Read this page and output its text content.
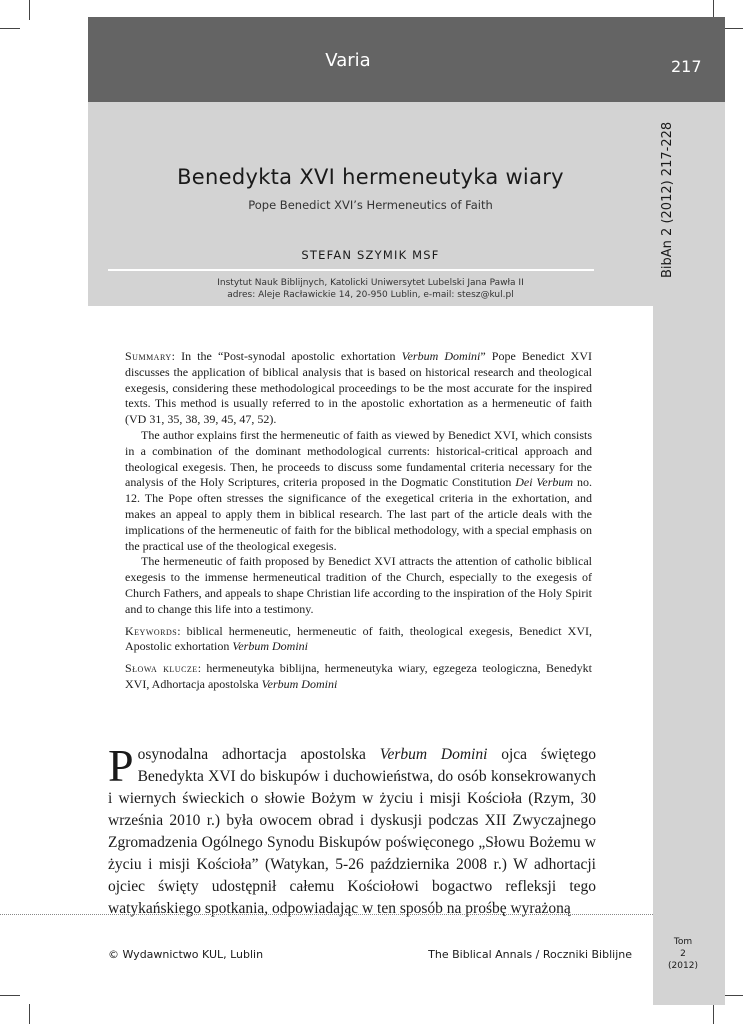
Varia	217
BibAn 2 (2012) 217-228
Benedykta XVI hermeneutyka wiary
Pope Benedict XVI’s Hermeneutics of Faith
STEFAN SZYMIK MSF
Instytut Nauk Biblijnych, Katolicki Uniwersytet Lubelski Jana Pawła II
adres: Aleje Racławickie 14, 20-950 Lublin, e-mail: stesz@kul.pl

Summary: In the “Post-synodal apostolic exhortation Verbum Domini” Pope Benedict XVI discusses the application of biblical analysis that is based on historical research and theological exegesis, considering these methodological proceedings to be the most accurate for the inspired texts. This method is usually referred to in the apostolic exhortation as a hermeneutic of faith (VD 31, 35, 38, 39, 45, 47, 52).

The author explains first the hermeneutic of faith as viewed by Benedict XVI, which consists in a combination of the dominant methodological currents: historical-critical approach and theological exegesis. Then, he proceeds to discuss some fundamental criteria necessary for the analysis of the Holy Scriptures, criteria proposed in the Dogmatic Constitution Dei Verbum no. 12. The Pope often stresses the significance of the exegetical criteria in the exhortation, and makes an appeal to apply them in biblical research. The last part of the article deals with the implications of the hermeneutic of faith for the biblical methodology, with a special emphasis on the practical use of the theological exegesis.

The hermeneutic of faith proposed by Benedict XVI attracts the attention of catholic biblical exegesis to the immense hermeneutical tradition of the Church, especially to the exegesis of Church Fathers, and appeals to shape Christian life according to the inspiration of the Holy Spirit and to change this life into a testimony.

Keywords: biblical hermeneutic, hermeneutic of faith, theological exegesis, Benedict XVI, Apostolic exhortation Verbum Domini

Słowa klucze: hermeneutyka biblijna, hermeneutyka wiary, egzegeza teologiczna, Benedykt XVI, Adhortacja apostolska Verbum Domini

Posynodalna adhortacja apostolska Verbum Domini ojca świętego Benedykta XVI do biskupów i duchowieństwa, do osób konsekrowanych i wiernych świeckich o słowie Bożym w życiu i misji Kościoła (Rzym, 30 września 2010 r.) była owocem obrad i dyskusji podczas XII Zwyczajnego Zgromadzenia Ogólnego Synodu Biskupów poświęconego „Słowu Bożemu w życiu i misji Kościoła” (Watykan, 5-26 października 2008 r.) W adhortacji ojciec święty udostępnił całemu Kościołowi bogactwo refleksji tego watykańskiego spotkania, odpowiadając w ten sposób na prośbę wyrażoną

© Wydawnictwo KUL, Lublin	The Biblical Annals / Roczniki Biblijne
Tom
2
(2012)
